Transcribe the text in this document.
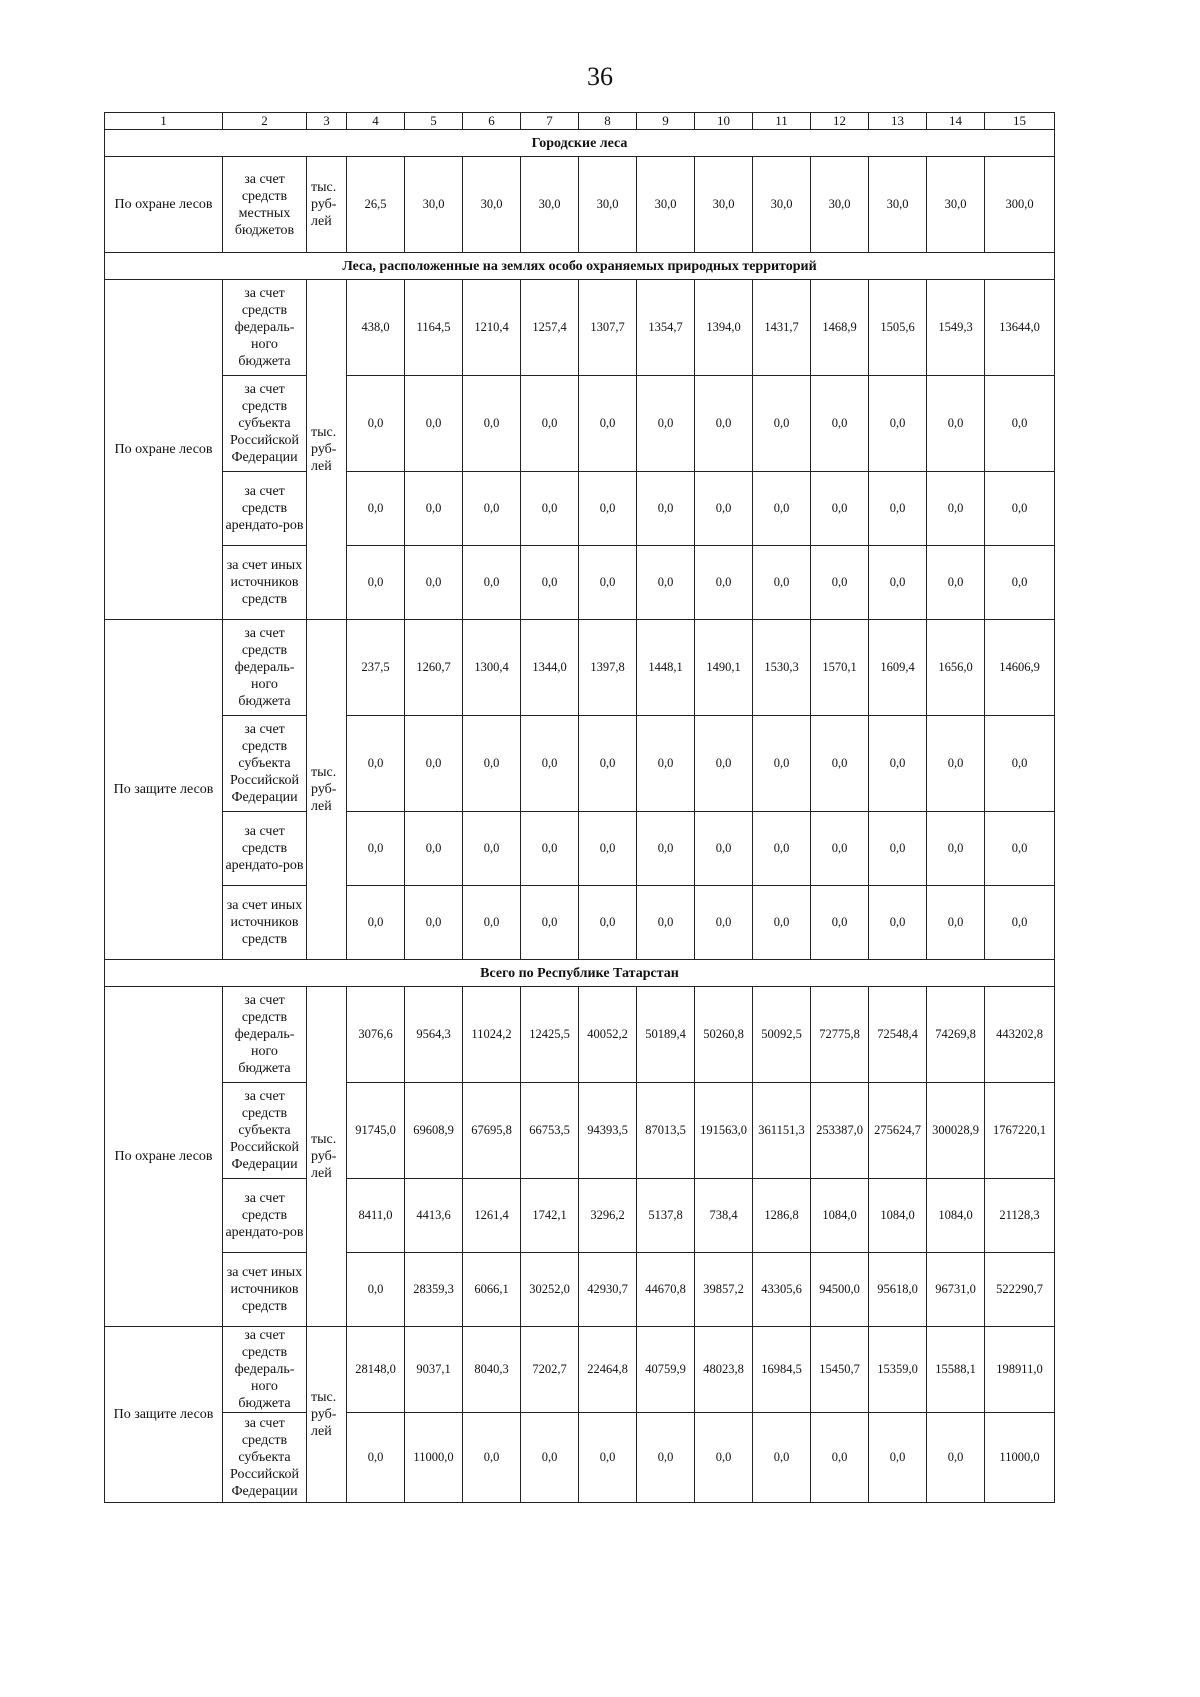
36
1	2	3	4	5	6	7	8	9	10	11	12	13	14	15
Городские леса														
По охране лесов	за счет средств местных бюджетов	тыс. руб-лей	26,5	30,0	30,0	30,0	30,0	30,0	30,0	30,0	30,0	30,0	30,0	300,0
Леса, расположенные на землях особо охраняемых природных территорий														
По охране лесов	за счет средств федераль-ного бюджета	тыс. руб-лей	438,0	1164,5	1210,4	1257,4	1307,7	1354,7	1394,0	1431,7	1468,9	1505,6	1549,3	13644,0
	за счет средств субъекта Российской Федерации		0,0	0,0	0,0	0,0	0,0	0,0	0,0	0,0	0,0	0,0	0,0	0,0
	за счет средств арендато-ров		0,0	0,0	0,0	0,0	0,0	0,0	0,0	0,0	0,0	0,0	0,0	0,0
	за счет иных источников средств		0,0	0,0	0,0	0,0	0,0	0,0	0,0	0,0	0,0	0,0	0,0	0,0
По защите лесов	за счет средств федераль-ного бюджета	тыс. руб-лей	237,5	1260,7	1300,4	1344,0	1397,8	1448,1	1490,1	1530,3	1570,1	1609,4	1656,0	14606,9
	за счет средств субъекта Российской Федерации		0,0	0,0	0,0	0,0	0,0	0,0	0,0	0,0	0,0	0,0	0,0	0,0
	за счет средств арендато-ров		0,0	0,0	0,0	0,0	0,0	0,0	0,0	0,0	0,0	0,0	0,0	0,0
	за счет иных источников средств		0,0	0,0	0,0	0,0	0,0	0,0	0,0	0,0	0,0	0,0	0,0	0,0
Всего по Республике Татарстан														
По охране лесов	за счет средств федераль-ного бюджета	тыс. руб-лей	3076,6	9564,3	11024,2	12425,5	40052,2	50189,4	50260,8	50092,5	72775,8	72548,4	74269,8	443202,8
	за счет средств субъекта Российской Федерации		91745,0	69608,9	67695,8	66753,5	94393,5	87013,5	191563,0	361151,3	253387,0	275624,7	300028,9	1767220,1
	за счет средств арендато-ров		8411,0	4413,6	1261,4	1742,1	3296,2	5137,8	738,4	1286,8	1084,0	1084,0	1084,0	21128,3
	за счет иных источников средств		0,0	28359,3	6066,1	30252,0	42930,7	44670,8	39857,2	43305,6	94500,0	95618,0	96731,0	522290,7
По защите лесов	за счет средств федераль-ного бюджета	тыс. руб-лей	28148,0	9037,1	8040,3	7202,7	22464,8	40759,9	48023,8	16984,5	15450,7	15359,0	15588,1	198911,0
	за счет средств субъекта Российской Федерации		0,0	11000,0	0,0	0,0	0,0	0,0	0,0	0,0	0,0	0,0	0,0	11000,0
